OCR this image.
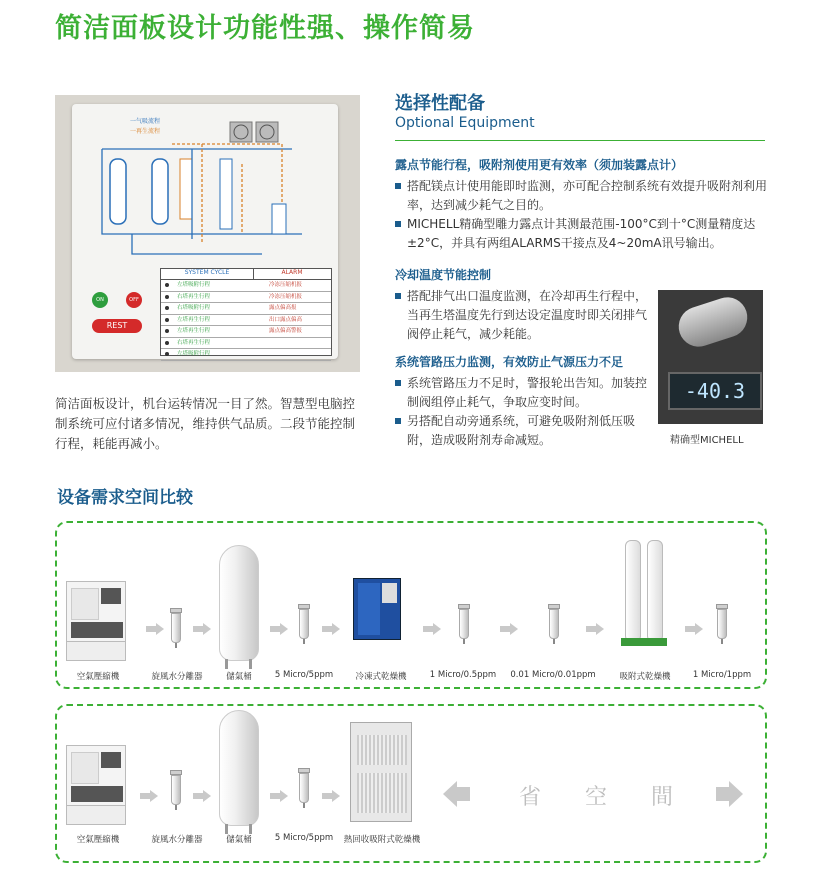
简洁面板设计功能性强、操作简易
一气吸流程
一再生流程
SYSTEM CYCLE	ALARM
左塔吸附行程	冷冻压缩机报
右塔再生行程	冷冻压缩机报
右塔吸附行程	露点偏高报
左塔再生行程	出口露点偏高
左塔再生行程	露点偏高警报
右塔再生行程
左塔吸附行程
ON	OFF
REST
简洁面板设计，机台运转情况一目了然。智慧型电脑控制系统可应付诸多情况，维持供气品质。二段节能控制行程，耗能再减小。
选择性配备
Optional Equipment
露点节能行程，吸附剂使用更有效率（须加装露点计）
搭配镁点计使用能即时监测，亦可配合控制系统有效提升吸附剂利用率，达到减少耗气之目的。
MICHELL精确型雕力露点计其测最范围-100°C到十°C测量精度达±2°C，并具有两组ALARMS干接点及4~20mA讯号输出。
冷却温度节能控制
搭配排气出口温度监测，在冷却再生行程中，当再生塔温度先行到达设定温度时即关闭排气阀停止耗气，减少耗能。
系统管路压力监测，有效防止气源压力不足
系统管路压力不足时，警报轮出告知。加装控制阀组停止耗气，争取应变时间。
另搭配自动旁通系统，可避免吸附剂低压吸附，造成吸附剂寿命减短。
-40.3
精确型MICHELL
设备需求空间比较
空氣壓縮機	旋風水分離器	儲氣桶	5 Micro/5ppm	冷凍式乾燥機	1 Micro/0.5ppm 0.01 Micro/0.01ppm	吸附式乾燥機	1 Micro/1ppm
空氣壓縮機	旋風水分離器	儲氣桶	5 Micro/5ppm 熱回收吸附式乾燥機
省 空 間
